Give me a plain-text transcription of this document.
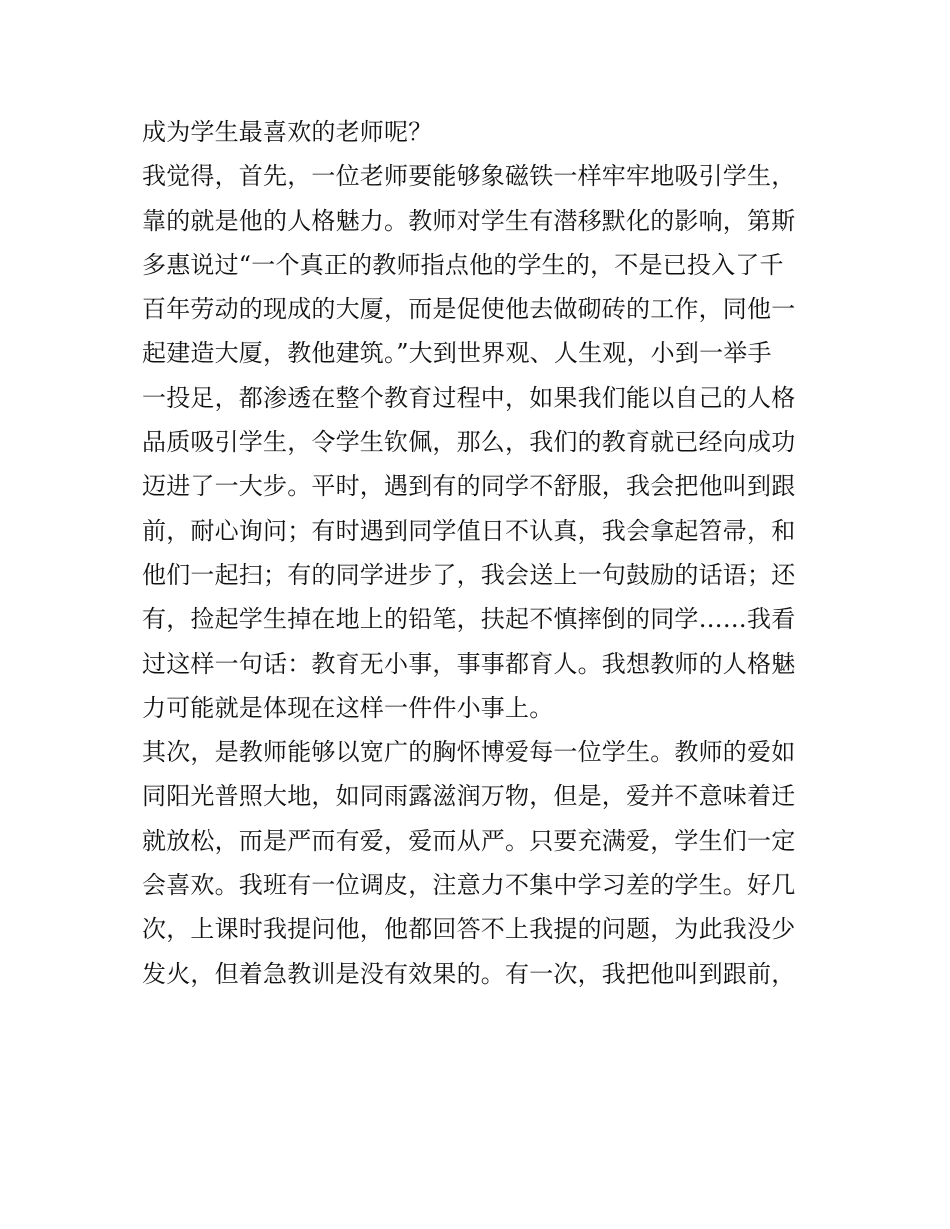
成为学生最喜欢的老师呢？
我觉得，首先，一位老师要能够象磁铁一样牢牢地吸引学生，
靠的就是他的人格魅力。教师对学生有潜移默化的影响，第斯
多惠说过“一个真正的教师指点他的学生的，不是已投入了千
百年劳动的现成的大厦，而是促使他去做砌砖的工作，同他一
起建造大厦，教他建筑。”大到世界观、人生观，小到一举手
一投足，都渗透在整个教育过程中，如果我们能以自己的人格
品质吸引学生，令学生钦佩，那么，我们的教育就已经向成功
迈进了一大步。平时，遇到有的同学不舒服，我会把他叫到跟
前，耐心询问；有时遇到同学值日不认真，我会拿起笤帚，和
他们一起扫；有的同学进步了，我会送上一句鼓励的话语；还
有，捡起学生掉在地上的铅笔，扶起不慎摔倒的同学……我看
过这样一句话：教育无小事，事事都育人。我想教师的人格魅
力可能就是体现在这样一件件小事上。
其次，是教师能够以宽广的胸怀博爱每一位学生。教师的爱如
同阳光普照大地，如同雨露滋润万物，但是，爱并不意味着迁
就放松，而是严而有爱，爱而从严。只要充满爱，学生们一定
会喜欢。我班有一位调皮，注意力不集中学习差的学生。好几
次，上课时我提问他，他都回答不上我提的问题，为此我没少
发火，但着急教训是没有效果的。有一次，我把他叫到跟前，
